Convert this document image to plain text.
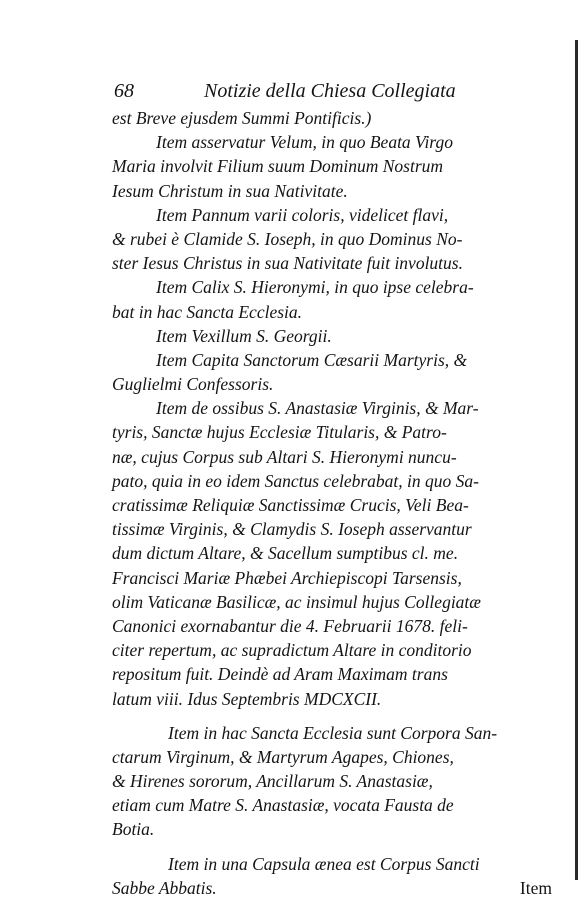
68	Notizie della Chiesa Collegiata
est Breve ejusdem Summi Pontificis.)
Item asservatur Velum, in quo Beata Virgo
Maria involvit Filium suum Dominum Nostrum
Iesum Christum in sua Nativitate.
Item Pannum varii coloris, videlicet flavi,
& rubei è Clamide S. Ioseph, in quo Dominus No-
ster Iesus Christus in sua Nativitate fuit involutus.
Item Calix S. Hieronymi, in quo ipse celebra-
bat in hac Sancta Ecclesia.
Item Vexillum S. Georgii.
Item Capita Sanctorum Cæsarii Martyris, &
Guglielmi Confessoris.
Item de ossibus S. Anastasiæ Virginis, & Mar-
tyris, Sanctæ hujus Ecclesiæ Titularis, & Patro-
næ, cujus Corpus sub Altari S. Hieronymi nuncu-
pato, quia in eo idem Sanctus celebrabat, in quo Sa-
cratissimæ Reliquiæ Sanctissimæ Crucis, Veli Bea-
tissimæ Virginis, & Clamydis S. Ioseph asservantur
dum dictum Altare, & Sacellum sumptibus cl. me.
Francisci Mariæ Phæbei Archiepiscopi Tarsensis,
olim Vaticanæ Basilicæ, ac insimul hujus Collegiatæ
Canonici exornabantur die 4. Februarii 1678. feli-
citer repertum, ac supradictum Altare in conditorio
repositum fuit. Deindè ad Aram Maximam trans
latum viii. Idus Septembris MDCXCII.
Item in hac Sancta Ecclesia sunt Corpora San-
ctarum Virginum, & Martyrum Agapes, Chiones,
& Hirenes sororum, Ancillarum S. Anastasiæ,
etiam cum Matre S. Anastasiæ, vocata Fausta de
Botia.
Item in una Capsula ænea est Corpus Sancti
Sabbe Abbatis.	Item
